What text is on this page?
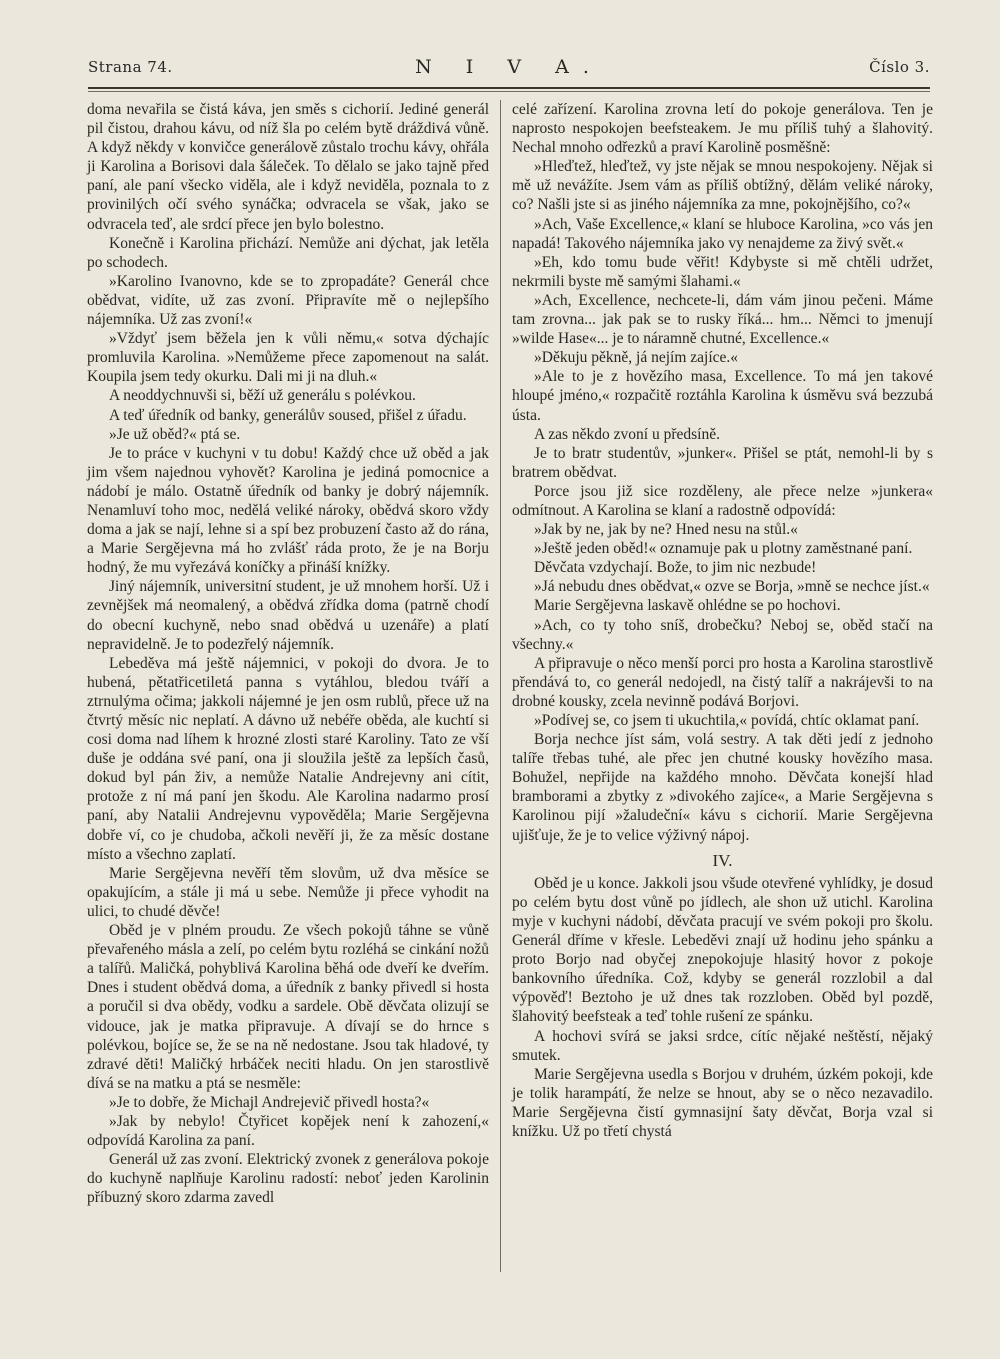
Strana 74.	N I V A.	Číslo 3.

doma nevařila se čistá káva, jen směs s cichorií. Jediné generál pil čistou, drahou kávu, od níž šla po celém bytě dráždivá vůně. A když někdy v konvičce generálově zůstalo trochu kávy, ohřála ji Karolina a Borisovi dala šáleček. To dělalo se jako tajně před paní, ale paní všecko viděla, ale i když neviděla, poznala to z provinilých očí svého synáčka; odvracela se však, jako se odvracela teď, ale srdcí přece jen bylo bolestno.

Konečně i Karolina přichází. Nemůže ani dýchat, jak letěla po schodech.

»Karolino Ivanovno, kde se to zpropadáte? Generál chce obědvat, vidíte, už zas zvoní. Připravíte mě o nejlepšího nájemníka. Už zas zvoní!«

»Vždyť jsem běžela jen k vůli němu,« sotva dýchajíc promluvila Karolina. »Nemůžeme přece zapomenout na salát. Koupila jsem tedy okurku. Dali mi ji na dluh.«

A neoddychnuvši si, běží už generálu s polévkou.

A teď úředník od banky, generálův soused, přišel z úřadu.

»Je už oběd?« ptá se.

Je to práce v kuchyni v tu dobu! Každý chce už oběd a jak jim všem najednou vyhovět? Karolina je jediná pomocnice a nádobí je málo. Ostatně úředník od banky je dobrý nájemník. Nenamluví toho moc, nedělá veliké nároky, obědvá skoro vždy doma a jak se nají, lehne si a spí bez probuzení často až do rána, a Marie Sergějevna má ho zvlášť ráda proto, že je na Borju hodný, že mu vyřezává koníčky a přináší knížky.

Jiný nájemník, universitní student, je už mnohem horší. Už i zevnějšek má neomalený, a obědvá zřídka doma (patrně chodí do obecní kuchyně, nebo snad obědvá u uzenáře) a platí nepravidelně. Je to podezřelý nájemník.

Lebeděva má ještě nájemnici, v pokoji do dvora. Je to hubená, pětatřicetiletá panna s vytáhlou, bledou tváří a ztrnulýma očima; jakkoli nájemné je jen osm rublů, přece už na čtvrtý měsíc nic neplatí. A dávno už nebéře oběda, ale kuchtí si cosi doma nad líhem k hrozné zlosti staré Karoliny. Tato ze vší duše je oddána své paní, ona ji sloužila ještě za lepších časů, dokud byl pán živ, a nemůže Natalie Andrejevny ani cítit, protože z ní má paní jen škodu. Ale Karolina nadarmo prosí paní, aby Natalii Andrejevnu vypověděla; Marie Sergějevna dobře ví, co je chudoba, ačkoli nevěří ji, že za měsíc dostane místo a všechno zaplatí.

Marie Sergějevna nevěří těm slovům, už dva měsíce se opakujícím, a stále ji má u sebe. Nemůže ji přece vyhodit na ulici, to chudé děvče!

Oběd je v plném proudu. Ze všech pokojů táhne se vůně převařeného másla a zelí, po celém bytu rozléhá se cinkání nožů a talířů. Maličká, pohyblivá Karolina běhá ode dveří ke dveřím. Dnes i student obědvá doma, a úředník z banky přivedl si hosta a poručil si dva obědy, vodku a sardele. Obě děvčata olizují se vidouce, jak je matka připravuje. A dívají se do hrnce s polévkou, bojíce se, že se na ně nedostane. Jsou tak hladové, ty zdravé děti! Maličký hrbáček neciti hladu. On jen starostlivě dívá se na matku a ptá se nesměle:

»Je to dobře, že Michajl Andrejevič přivedl hosta?«

»Jak by nebylo! Čtyřicet kopějek není k zahození,« odpovídá Karolina za paní.

Generál už zas zvoní. Elektrický zvonek z generálova pokoje do kuchyně naplňuje Karolinu radostí: neboť jeden Karolinin příbuzný skoro zdarma zavedl

celé zařízení. Karolina zrovna letí do pokoje generálova. Ten je naprosto nespokojen beefsteakem. Je mu příliš tuhý a šlahovitý. Nechal mnoho odřezků a praví Karolině posměšně:

»Hleďtež, hleďtež, vy jste nějak se mnou nespokojeny. Nějak si mě už nevážíte. Jsem vám as příliš obtížný, dělám veliké nároky, co? Našli jste si as jiného nájemníka za mne, pokojnějšího, co?«

»Ach, Vaše Excellence,« klaní se hluboce Karolina, »co vás jen napadá! Takového nájemníka jako vy nenajdeme za živý svět.«

»Eh, kdo tomu bude věřit! Kdybyste si mě chtěli udržet, nekrmili byste mě samými šlahami.«

»Ach, Excellence, nechcete-li, dám vám jinou pečeni. Máme tam zrovna... jak pak se to rusky říká... hm... Němci to jmenují »wilde Hase«... je to náramně chutné, Excellence.«

»Děkuju pěkně, já nejím zajíce.«

»Ale to je z hovězího masa, Excellence. To má jen takové hloupé jméno,« rozpačitě roztáhla Karolina k úsměvu svá bezzubá ústa.

A zas někdo zvoní u předsíně.

Je to bratr studentův, »junker«. Přišel se ptát, nemohl-li by s bratrem obědvat.

Porce jsou již sice rozděleny, ale přece nelze »junkera« odmítnout. A Karolina se klaní a radostně odpovídá:

»Jak by ne, jak by ne? Hned nesu na stůl.«

»Ještě jeden oběd!« oznamuje pak u plotny zaměstnané paní.

Děvčata vzdychají. Bože, to jim nic nezbude!

»Já nebudu dnes obědvat,« ozve se Borja, »mně se nechce jíst.«

Marie Sergějevna laskavě ohlédne se po hochovi.

»Ach, co ty toho sníš, drobečku? Neboj se, oběd stačí na všechny.«

A připravuje o něco menší porci pro hosta a Karolina starostlivě přendává to, co generál nedojedl, na čistý talíř a nakrájevši to na drobné kousky, zcela nevinně podává Borjovi.

»Podívej se, co jsem ti ukuchtila,« povídá, chtíc oklamat paní.

Borja nechce jíst sám, volá sestry. A tak děti jedí z jednoho talíře třebas tuhé, ale přec jen chutné kousky hovězího masa. Bohužel, nepřijde na každého mnoho. Děvčata konejší hlad bramborami a zbytky z »divokého zajíce«, a Marie Sergějevna s Karolinou pijí »žaludeční« kávu s cichorií. Marie Sergějevna ujišťuje, že je to velice výživný nápoj.

IV.

Oběd je u konce. Jakkoli jsou všude otevřené vyhlídky, je dosud po celém bytu dost vůně po jídlech, ale shon už utichl. Karolina myje v kuchyni nádobí, děvčata pracují ve svém pokoji pro školu. Generál dříme v křesle. Lebeděvi znají už hodinu jeho spánku a proto Borjo nad obyčej znepokojuje hlasitý hovor z pokoje bankovního úředníka. Což, kdyby se generál rozzlobil a dal výpověď! Beztoho je už dnes tak rozzloben. Oběd byl pozdě, šlahovitý beefsteak a teď tohle rušení ze spánku.

A hochovi svírá se jaksi srdce, cítíc nějaké neštěstí, nějaký smutek.

Marie Sergějevna usedla s Borjou v druhém, úzkém pokoji, kde je tolik harampátí, že nelze se hnout, aby se o něco nezavadilo. Marie Sergějevna čistí gymnasijní šaty děvčat, Borja vzal si knížku. Už po třetí chystá
